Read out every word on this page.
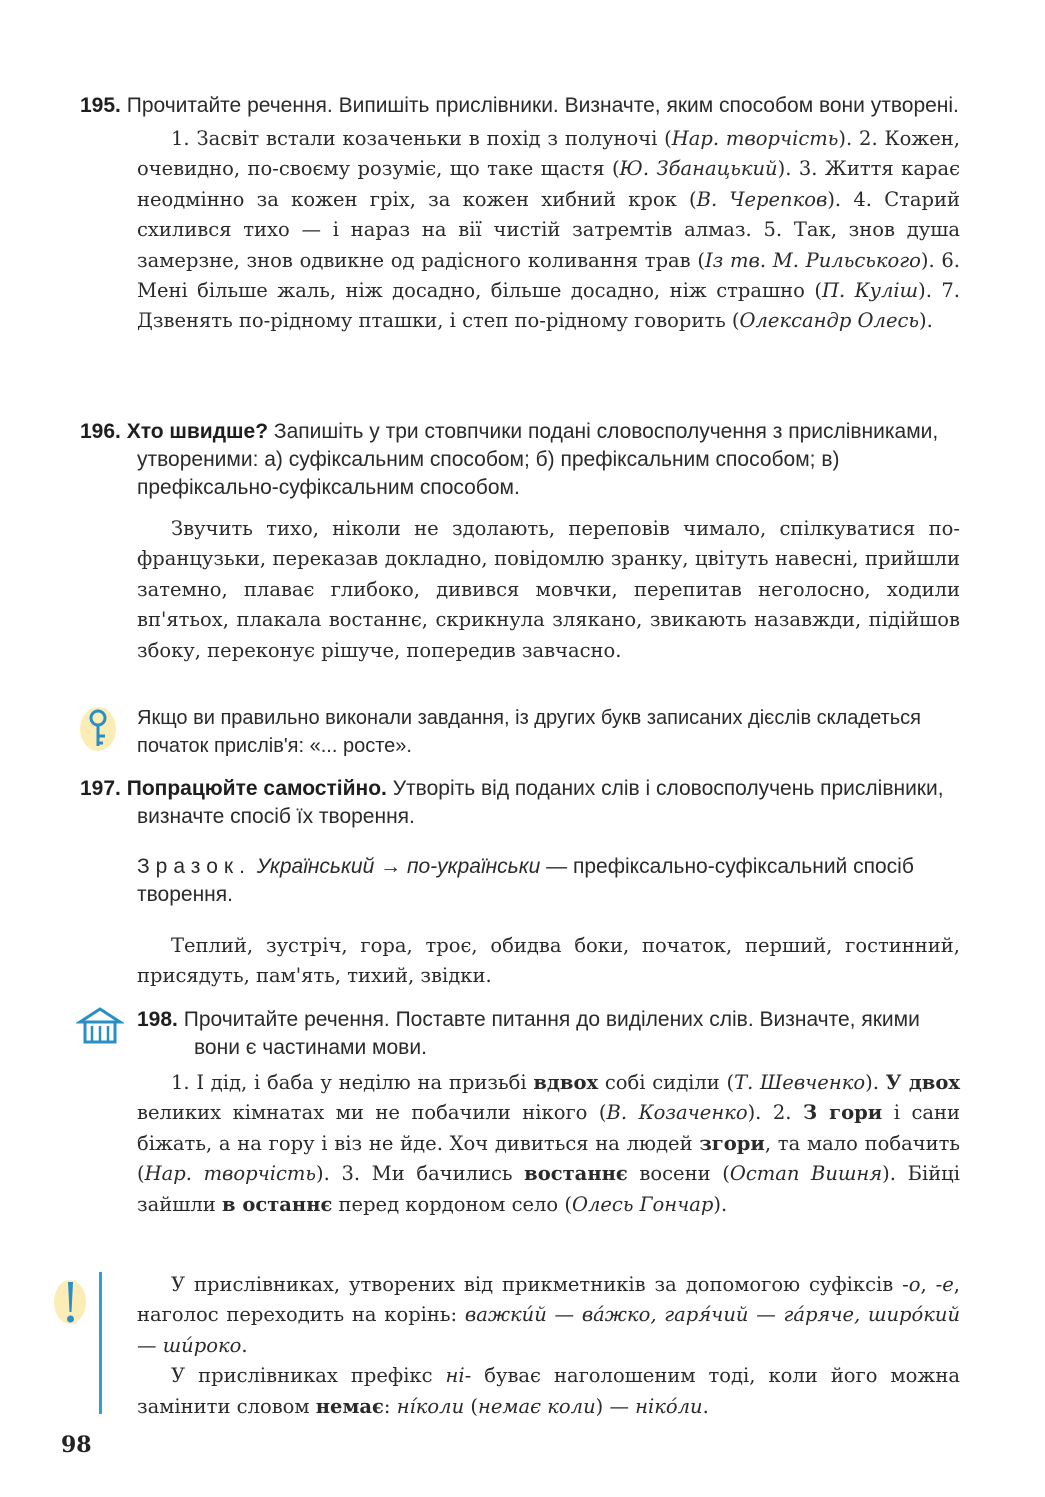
195. Прочитайте речення. Випишіть прислівники. Визначте, яким способом вони утворені.

1. Засвіт встали козаченьки в похід з полуночі (Нар. творчість). 2. Кожен, очевидно, по-своєму розуміє, що таке щастя (Ю. Збанацький). 3. Життя карає неодмінно за кожен гріх, за кожен хибний крок (В. Черепков). 4. Старий схилився тихо — і нараз на вії чистій затремтів алмаз. 5. Так, знов душа замерзне, знов одвикне од радісного коливання трав (Із тв. М. Рильського). 6. Мені більше жаль, ніж досадно, більше досадно, ніж страшно (П. Куліш). 7. Дзвенять по-рідному пташки, і степ по-рідному говорить (Олександр Олесь).

196. Хто швидше? Запишіть у три стовпчики подані словосполучення з прислівниками, утвореними: а) суфіксальним способом; б) префіксальним способом; в) префіксально-суфіксальним способом.

Звучить тихо, ніколи не здолають, переповів чимало, спілкуватися по-французьки, переказав докладно, повідомлю зранку, цвітуть навесні, прийшли затемно, плаває глибоко, дивився мовчки, перепитав неголосно, ходили вп'ятьох, плакала востаннє, скрикнула злякано, звикають назавжди, підійшов збоку, переконує рішуче, попередив завчасно.

Якщо ви правильно виконали завдання, із других букв записаних дієслів складеться початок прислів'я: «... росте».

197. Попрацюйте самостійно. Утворіть від поданих слів і словосполучень прислівники, визначте спосіб їх творення.

Зразок. Український → по-українськи — префіксально-суфіксальний спосіб творення.

Теплий, зустріч, гора, троє, обидва боки, початок, перший, гостинний, присядуть, пам'ять, тихий, звідки.

198. Прочитайте речення. Поставте питання до виділених слів. Визначте, якими вони є частинами мови.

1. І дід, і баба у неділю на призьбі вдвох собі сиділи (Т. Шевченко). У двох великих кімнатах ми не побачили нікого (В. Козаченко). 2. З гори і сани біжать, а на гору і віз не йде. Хоч дивиться на людей згори, та мало побачить (Нар. творчість). 3. Ми бачились востаннє восени (Остап Вишня). Бійці зайшли в останнє перед кордоном село (Олесь Гончар).

У прислівниках, утворених від прикметників за допомогою суфіксів -о, -е, наголос переходить на корінь: важки́й — ва́жко, гаря́чий — га́ряче, широ́кий — ши́роко.
У прислівниках префікс ні- буває наголошеним тоді, коли його можна замінити словом немає: ні́коли (немає коли) — ніко́ли.
98
